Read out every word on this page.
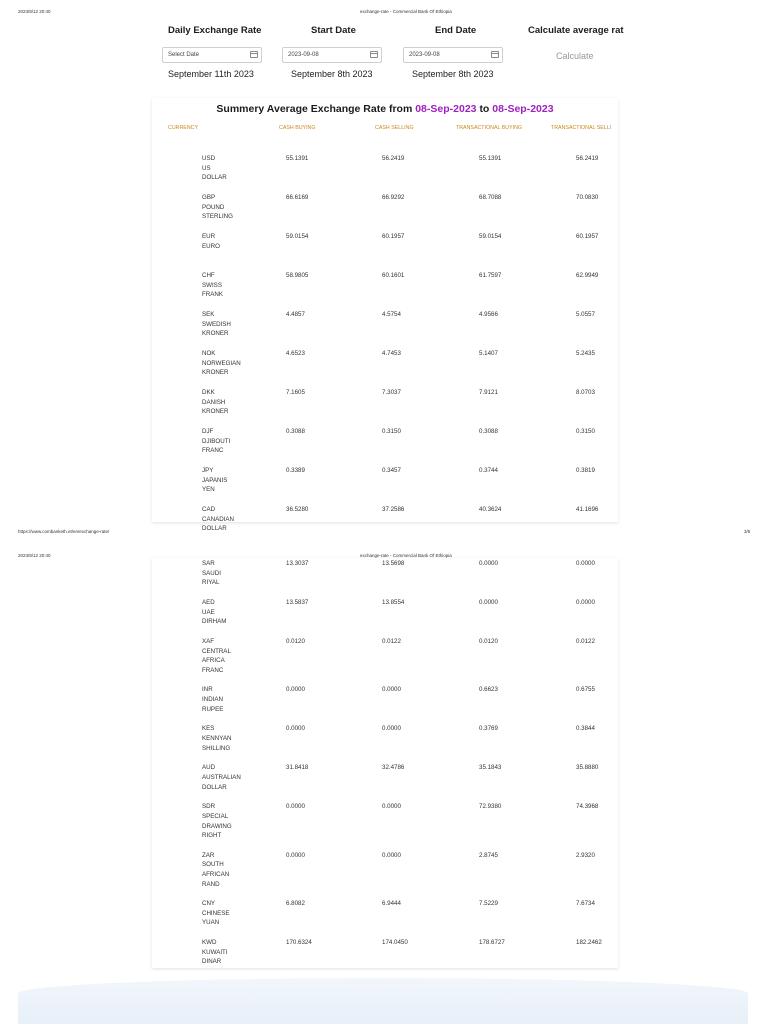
2023/9/12 20:40	exchange-rate - Commercial Bank Of Ethiopia
Daily Exchange Rate	Start Date	End Date	Calculate average rat
Select Date	2023-09-08	2023-09-08	Calculate
September 11th 2023	September 8th 2023	September 8th 2023
Summery Average Exchange Rate from 08-Sep-2023 to 08-Sep-2023
CURRENCY	CASH BUYING	CASH SELLING	TRANSACTIONAL BUYING	TRANSACTIONAL SELLI
USD
US DOLLAR
55.1391	56.2419	55.1391	56.2419
GBP
POUND STERLING
66.6169	66.9292	68.7088	70.0830
EUR
EURO
59.0154	60.1957	59.0154	60.1957
CHF
SWISS FRANK
58.9805	60.1601	61.7597	62.9949
SEK
SWEDISH KRONER
4.4857	4.5754	4.9566	5.0557
NOK
NORWEGIAN KRONER
4.6523	4.7453	5.1407	5.2435
DKK
DANISH KRONER
7.1605	7.3037	7.9121	8.0703
DJF
DJIBOUTI FRANC
0.3088	0.3150	0.3088	0.3150
JPY
JAPANIS YEN
0.3389	0.3457	0.3744	0.3819
CAD
CANADIAN DOLLAR
36.5280	37.2586	40.3624	41.1696
https://www.combanketh.et/en/exchange-rate/	3/5
2023/9/12 20:40	exchange-rate - Commercial Bank Of Ethiopia
SAR
SAUDI RIYAL
13.3037	13.5698	0.0000	0.0000
AED
UAE DIRHAM
13.5837	13.8554	0.0000	0.0000
XAF
CENTRAL AFRICA FRANC
0.0120	0.0122	0.0120	0.0122
INR
INDIAN RUPEE
0.0000	0.0000	0.6623	0.6755
KES
KENNYAN SHILLING
0.0000	0.0000	0.3769	0.3844
AUD
AUSTRALIAN DOLLAR
31.8418	32.4786	35.1843	35.8880
SDR
SPECIAL DRAWING RIGHT
0.0000	0.0000	72.9380	74.3968
ZAR
SOUTH AFRICAN RAND
0.0000	0.0000	2.8745	2.9320
CNY
CHINESE YUAN
6.8082	6.9444	7.5229	7.6734
KWD
KUWAITI DINAR
170.6324	174.0450	178.6727	182.2462
